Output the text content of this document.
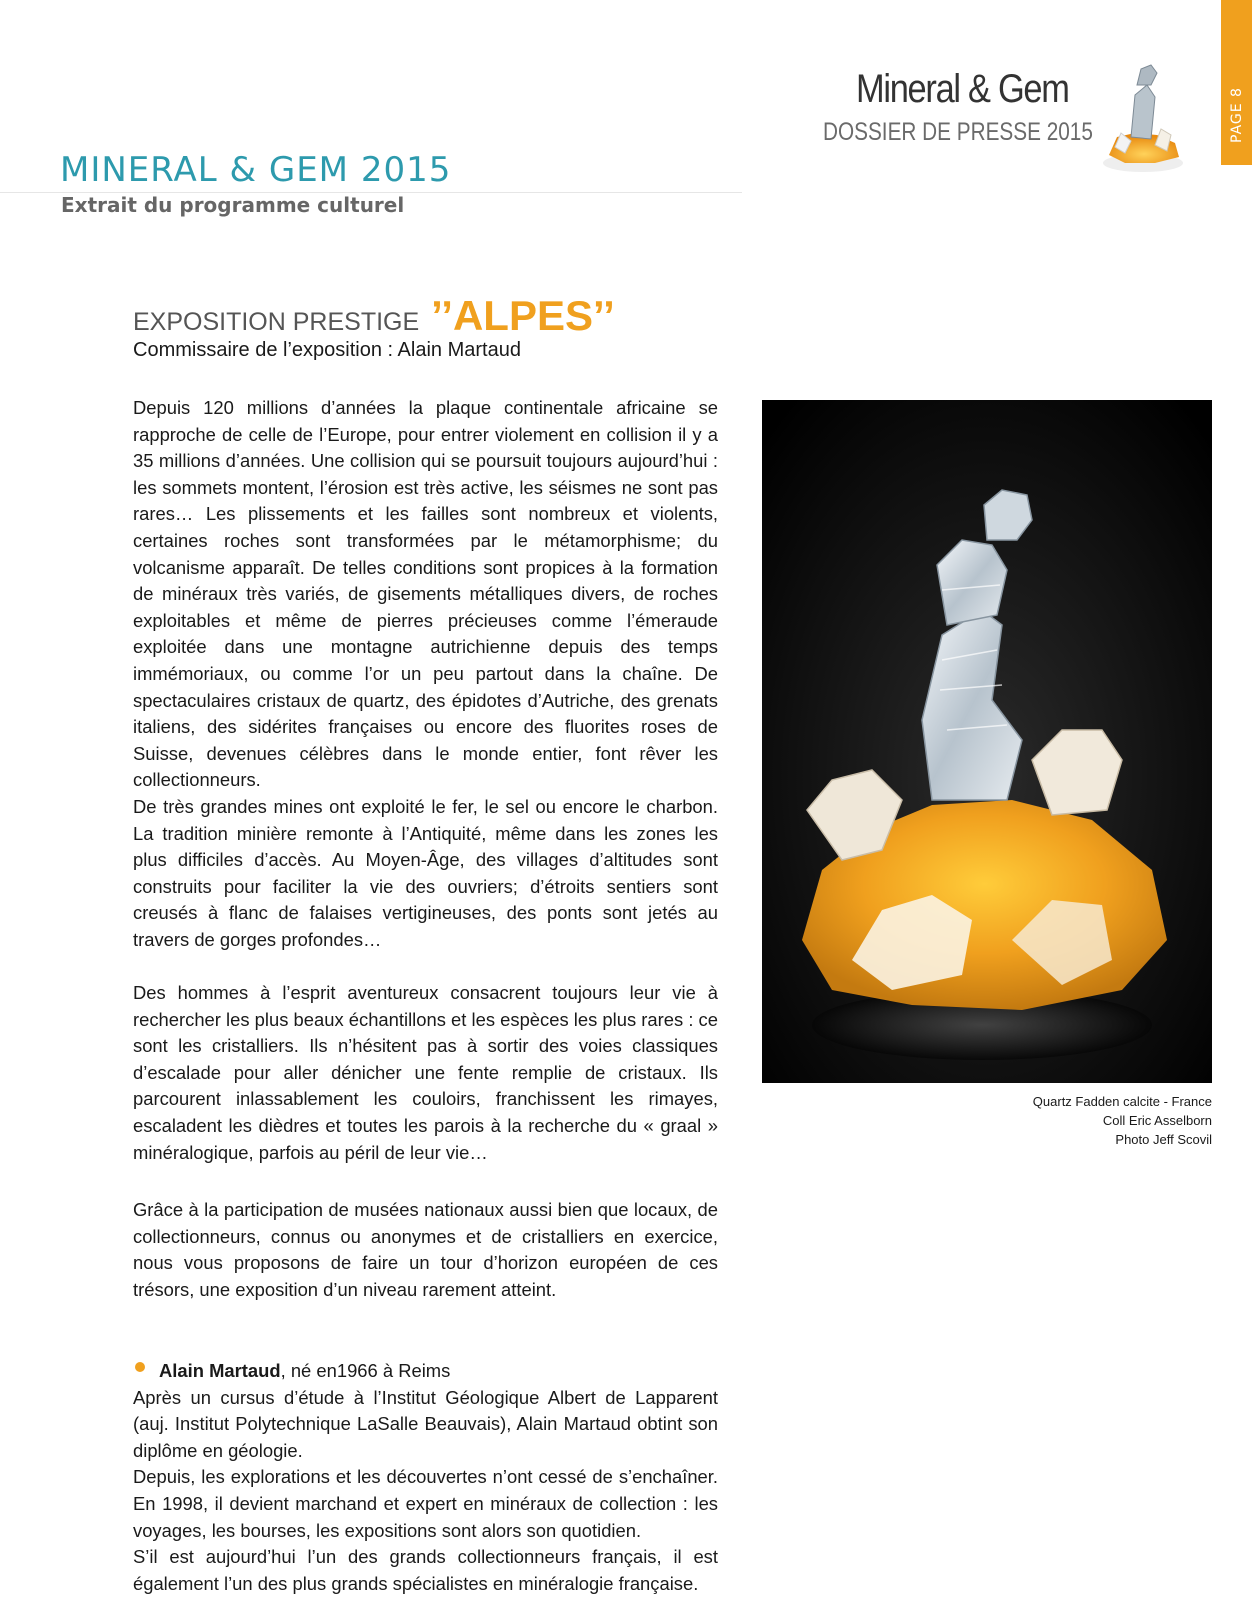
PAGE 8
Mineral & Gem
DOSSIER DE PRESSE 2015
MINERAL & GEM 2015
Extrait du programme culturel
EXPOSITION PRESTIGE ’’ALPES’’
Commissaire de l’exposition : Alain Martaud

Depuis 120 millions d’années la plaque continentale africaine se rapproche de celle de l’Europe, pour entrer violement en collision il y a 35 millions d’années. Une collision qui se poursuit toujours aujourd’hui : les sommets montent, l’érosion est très active, les séismes ne sont pas rares… Les plissements et les failles sont nombreux et violents, certaines roches sont transformées par le métamorphisme; du volcanisme apparaît. De telles conditions sont propices à la formation de minéraux très variés, de gisements métalliques divers, de roches exploitables et même de pierres précieuses comme l’émeraude exploitée dans une montagne autrichienne depuis des temps immémoriaux, ou comme l’or un peu partout dans la chaîne. De spectaculaires cristaux de quartz, des épidotes d’Autriche, des grenats italiens, des sidérites françaises ou encore des fluorites roses de Suisse, devenues célèbres dans le monde entier, font rêver les collectionneurs.

De très grandes mines ont exploité le fer, le sel ou encore le charbon. La tradition minière remonte à l’Antiquité, même dans les zones les plus difficiles d’accès. Au Moyen-Âge, des villages d’altitudes sont construits pour faciliter la vie des ouvriers; d’étroits sentiers sont creusés à flanc de falaises vertigineuses, des ponts sont jetés au travers de gorges profondes…

Des hommes à l’esprit aventureux consacrent toujours leur vie à rechercher les plus beaux échantillons et les espèces les plus rares : ce sont les cristalliers. Ils n’hésitent pas à sortir des voies classiques d’escalade pour aller dénicher une fente remplie de cristaux. Ils parcourent inlassablement les couloirs, franchissent les rimayes, escaladent les dièdres et toutes les parois à la recherche du « graal » minéralogique, parfois au péril de leur vie…

Grâce à la participation de musées nationaux aussi bien que locaux, de collectionneurs, connus ou anonymes et de cristalliers en exercice, nous vous proposons de faire un tour d’horizon européen de ces trésors, une exposition d’un niveau rarement atteint.

Quartz Fadden calcite - France
Coll Eric Asselborn
Photo Jeff Scovil

Alain Martaud, né en1966 à Reims

Après un cursus d’étude à l’Institut Géologique Albert de Lapparent (auj. Institut Polytechnique LaSalle Beauvais), Alain Martaud obtint son diplôme en géologie.

Depuis, les explorations et les découvertes n’ont cessé de s’enchaîner. En 1998, il devient marchand et expert en minéraux de collection : les voyages, les bourses, les expositions sont alors son quotidien.

S’il est aujourd’hui l’un des grands collectionneurs français, il est également l’un des plus grands spécialistes en minéralogie française.
